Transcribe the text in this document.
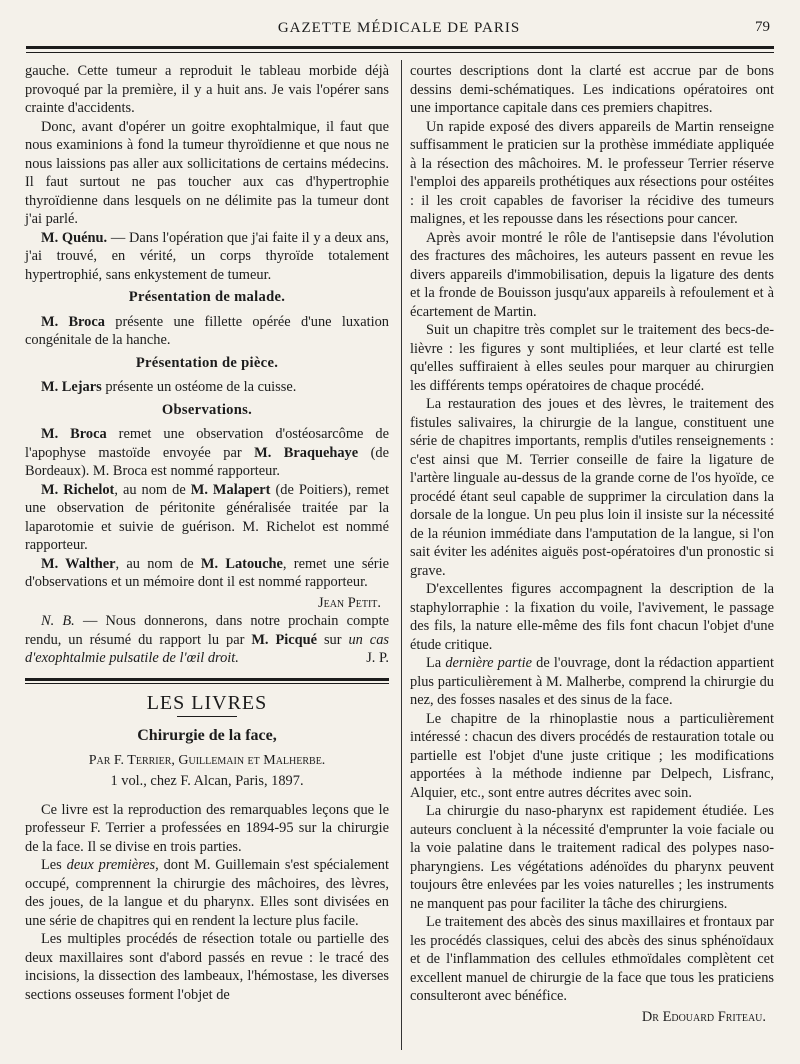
GAZETTE MÉDICALE DE PARIS	79

gauche. Cette tumeur a reproduit le tableau morbide déjà provoqué par la première, il y a huit ans. Je vais l'opérer sans crainte d'accidents.

Donc, avant d'opérer un goitre exophtalmique, il faut que nous examinions à fond la tumeur thyroïdienne et que nous ne nous laissions pas aller aux sollicitations de certains médecins. Il faut surtout ne pas toucher aux cas d'hypertrophie thyroïdienne dans lesquels on ne délimite pas la tumeur dont j'ai parlé.

M. Quénu. — Dans l'opération que j'ai faite il y a deux ans, j'ai trouvé, en vérité, un corps thyroïde totalement hypertrophié, sans enkystement de tumeur.

Présentation de malade.

M. Broca présente une fillette opérée d'une luxation congénitale de la hanche.

Présentation de pièce.

M. Lejars présente un ostéome de la cuisse.

Observations.

M. Broca remet une observation d'ostéosarcôme de l'apophyse mastoïde envoyée par M. Braquehaye (de Bordeaux). M. Broca est nommé rapporteur.

M. Richelot, au nom de M. Malapert (de Poitiers), remet une observation de péritonite généralisée traitée par la laparotomie et suivie de guérison. M. Richelot est nommé rapporteur.

M. Walther, au nom de M. Latouche, remet une série d'observations et un mémoire dont il est nommé rapporteur.

Jean Petit.

N. B. — Nous donnerons, dans notre prochain compte rendu, un résumé du rapport lu par M. Picqué sur un cas d'exophtalmie pulsatile de l'œil droit.	J. P.

LES LIVRES
Chirurgie de la face,
Par F. Terrier, Guillemain et Malherbe.
1 vol., chez F. Alcan, Paris, 1897.

Ce livre est la reproduction des remarquables leçons que le professeur F. Terrier a professées en 1894-95 sur la chirurgie de la face. Il se divise en trois parties.

Les deux premières, dont M. Guillemain s'est spécialement occupé, comprennent la chirurgie des mâchoires, des lèvres, des joues, de la langue et du pharynx. Elles sont divisées en une série de chapitres qui en rendent la lecture plus facile.

Les multiples procédés de résection totale ou partielle des deux maxillaires sont d'abord passés en revue : le tracé des incisions, la dissection des lambeaux, l'hémostase, les diverses sections osseuses forment l'objet de

courtes descriptions dont la clarté est accrue par de bons dessins demi-schématiques. Les indications opératoires ont une importance capitale dans ces premiers chapitres.

Un rapide exposé des divers appareils de Martin renseigne suffisamment le praticien sur la prothèse immédiate appliquée à la résection des mâchoires. M. le professeur Terrier réserve l'emploi des appareils prothétiques aux résections pour ostéites : il les croit capables de favoriser la récidive des tumeurs malignes, et les repousse dans les résections pour cancer.

Après avoir montré le rôle de l'antisepsie dans l'évolution des fractures des mâchoires, les auteurs passent en revue les divers appareils d'immobilisation, depuis la ligature des dents et la fronde de Bouisson jusqu'aux appareils à refoulement et à écartement de Martin.

Suit un chapitre très complet sur le traitement des becs-de-lièvre : les figures y sont multipliées, et leur clarté est telle qu'elles suffiraient à elles seules pour marquer au chirurgien les différents temps opératoires de chaque procédé.

La restauration des joues et des lèvres, le traitement des fistules salivaires, la chirurgie de la langue, constituent une série de chapitres importants, remplis d'utiles renseignements : c'est ainsi que M. Terrier conseille de faire la ligature de l'artère linguale au-dessus de la grande corne de l'os hyoïde, ce procédé étant seul capable de supprimer la circulation dans la dorsale de la longue. Un peu plus loin il insiste sur la nécessité de la réunion immédiate dans l'amputation de la langue, si l'on sait éviter les adénites aiguës post-opératoires d'un pronostic si grave.

D'excellentes figures accompagnent la description de la staphylorraphie : la fixation du voile, l'avivement, le passage des fils, la nature elle-même des fils font chacun l'objet d'une étude critique.

La dernière partie de l'ouvrage, dont la rédaction appartient plus particulièrement à M. Malherbe, comprend la chirurgie du nez, des fosses nasales et des sinus de la face.

Le chapitre de la rhinoplastie nous a particulièrement intéressé : chacun des divers procédés de restauration totale ou partielle est l'objet d'une juste critique ; les modifications apportées à la méthode indienne par Delpech, Lisfranc, Alquier, etc., sont entre autres décrites avec soin.

La chirurgie du naso-pharynx est rapidement étudiée. Les auteurs concluent à la nécessité d'emprunter la voie faciale ou la voie palatine dans le traitement radical des polypes naso-pharyngiens. Les végétations adénoïdes du pharynx peuvent toujours être enlevées par les voies naturelles ; les instruments ne manquent pas pour faciliter la tâche des chirurgiens.

Le traitement des abcès des sinus maxillaires et frontaux par les procédés classiques, celui des abcès des sinus sphénoïdaux et de l'inflammation des cellules ethmoïdales complètent cet excellent manuel de chirurgie de la face que tous les praticiens consulteront avec bénéfice.

Dr Edouard Friteau.
